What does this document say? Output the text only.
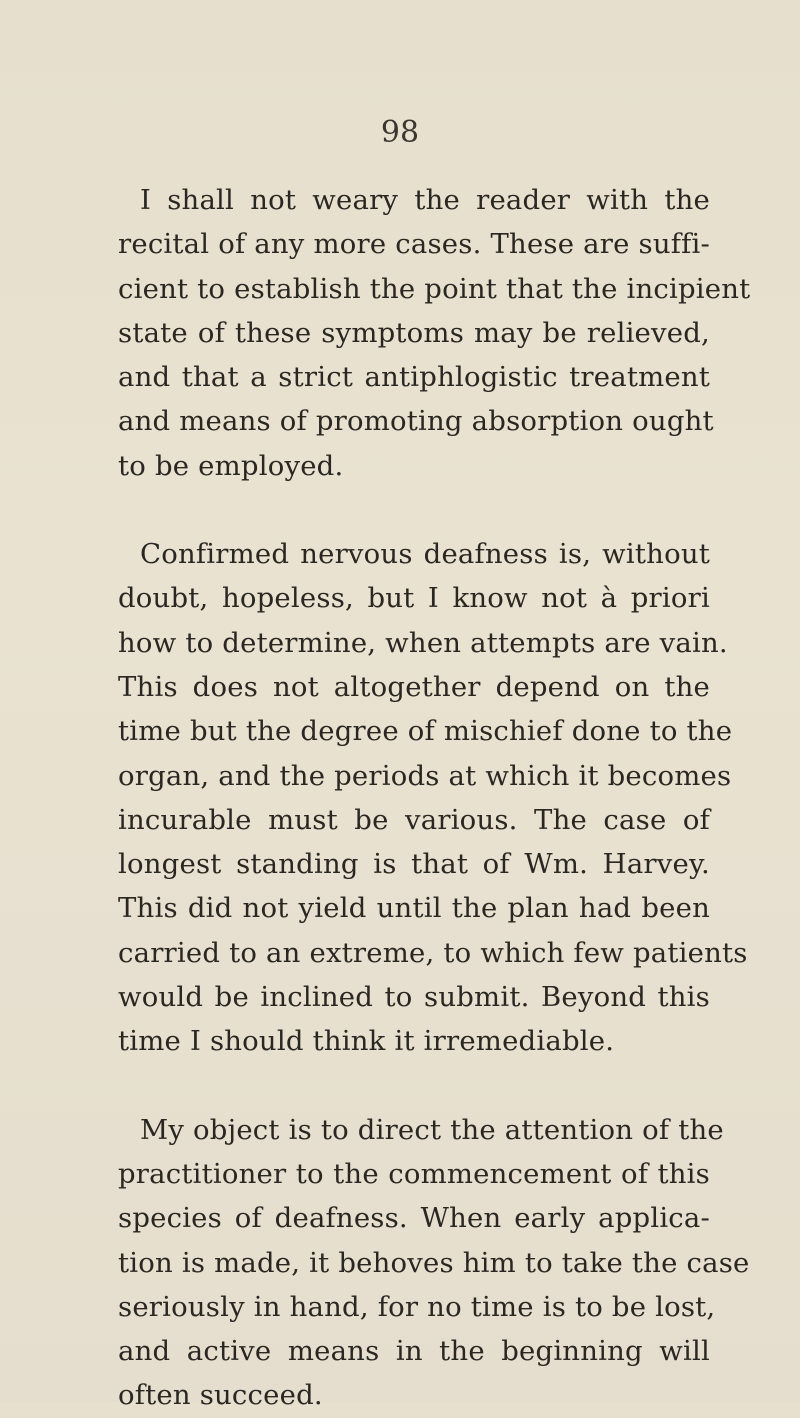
98
I shall not weary the reader with the
recital of any more cases. These are suffi-
cient to establish the point that the incipient
state of these symptoms may be relieved,
and that a strict antiphlogistic treatment
and means of promoting absorption ought
to be employed.
Confirmed nervous deafness is, without
doubt, hopeless, but I know not à priori
how to determine, when attempts are vain.
This does not altogether depend on the
time but the degree of mischief done to the
organ, and the periods at which it becomes
incurable must be various. The case of
longest standing is that of Wm. Harvey.
This did not yield until the plan had been
carried to an extreme, to which few patients
would be inclined to submit. Beyond this
time I should think it irremediable.
My object is to direct the attention of the
practitioner to the commencement of this
species of deafness. When early applica-
tion is made, it behoves him to take the case
seriously in hand, for no time is to be lost,
and active means in the beginning will
often succeed.
